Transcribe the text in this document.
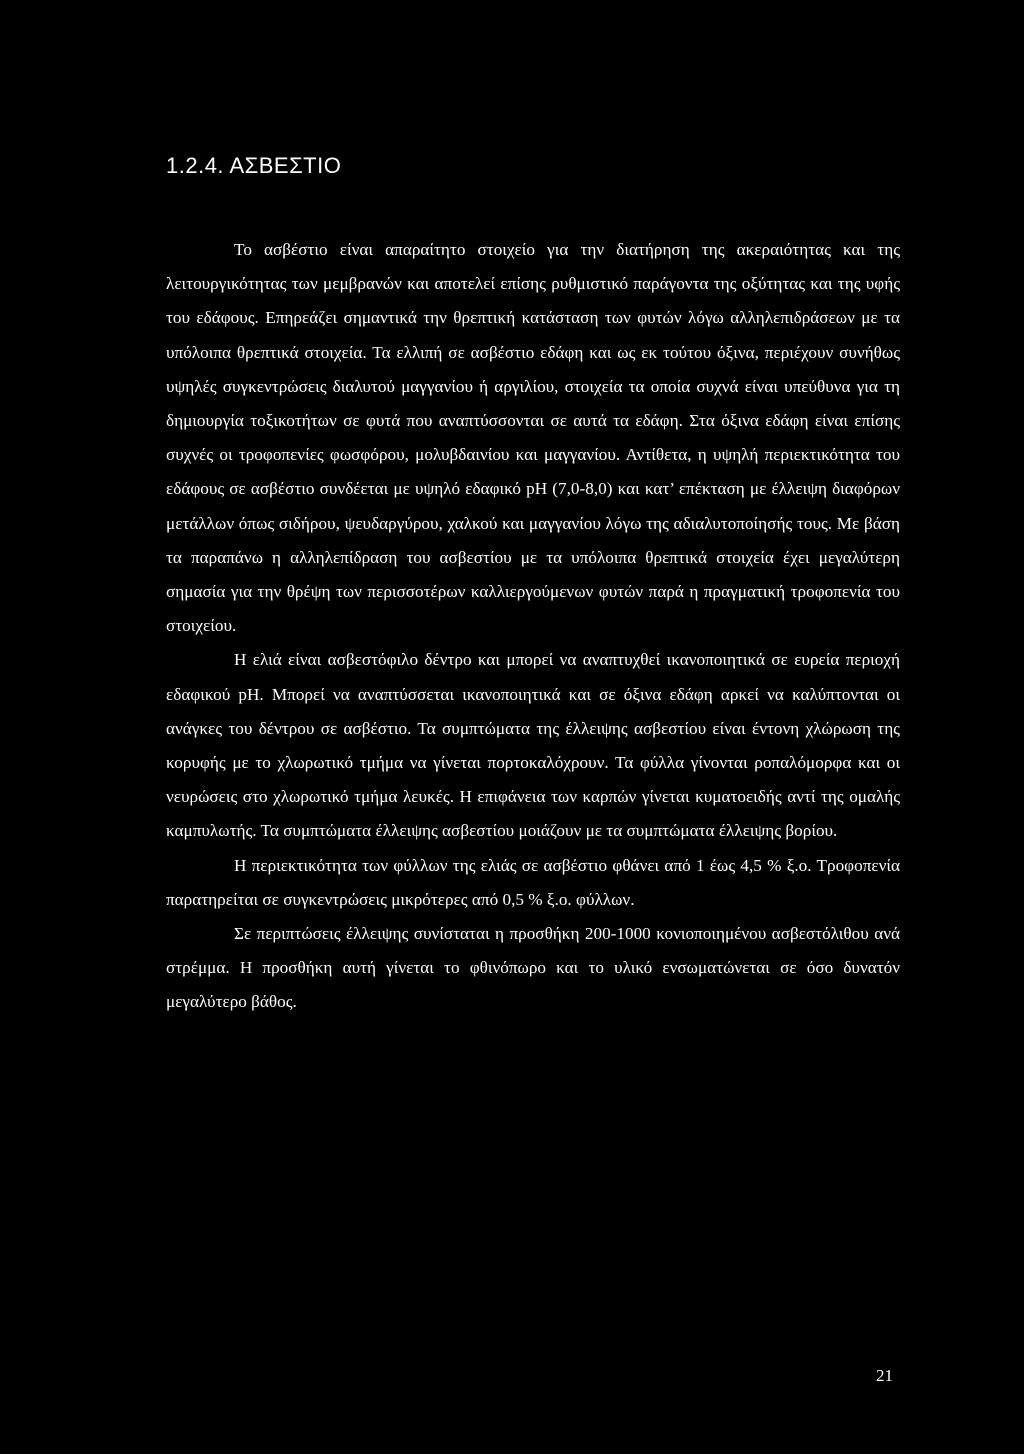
1.2.4. ΑΣΒΕΣΤΙΟ

Το ασβέστιο είναι απαραίτητο στοιχείο για την διατήρηση της ακεραιότητας και της λειτουργικότητας των μεμβρανών και αποτελεί επίσης ρυθμιστικό παράγοντα της οξύτητας και της υφής του εδάφους. Επηρεάζει σημαντικά την θρεπτική κατάσταση των φυτών λόγω αλληλεπιδράσεων με τα υπόλοιπα θρεπτικά στοιχεία. Τα ελλιπή σε ασβέστιο εδάφη και ως εκ τούτου όξινα, περιέχουν συνήθως υψηλές συγκεντρώσεις διαλυτού μαγγανίου ή αργιλίου, στοιχεία τα οποία συχνά είναι υπεύθυνα για τη δημιουργία τοξικοτήτων σε φυτά που αναπτύσσονται σε αυτά τα εδάφη. Στα όξινα εδάφη είναι επίσης συχνές οι τροφοπενίες φωσφόρου, μολυβδαινίου και μαγγανίου. Αντίθετα, η υψηλή περιεκτικότητα του εδάφους σε ασβέστιο συνδέεται με υψηλό εδαφικό pH (7,0-8,0) και κατ’ επέκταση με έλλειψη διαφόρων μετάλλων όπως σιδήρου, ψευδαργύρου, χαλκού και μαγγανίου λόγω της αδιαλυτοποίησής τους. Με βάση τα παραπάνω η αλληλεπίδραση του ασβεστίου με τα υπόλοιπα θρεπτικά στοιχεία έχει μεγαλύτερη σημασία για την θρέψη των περισσοτέρων καλλιεργούμενων φυτών παρά η πραγματική τροφοπενία του στοιχείου.

Η ελιά είναι ασβεστόφιλο δέντρο και μπορεί να αναπτυχθεί ικανοποιητικά σε ευρεία περιοχή εδαφικού pH. Μπορεί να αναπτύσσεται ικανοποιητικά και σε όξινα εδάφη αρκεί να καλύπτονται οι ανάγκες του δέντρου σε ασβέστιο. Τα συμπτώματα της έλλειψης ασβεστίου είναι έντονη χλώρωση της κορυφής με το χλωρωτικό τμήμα να γίνεται πορτοκαλόχρουν. Τα φύλλα γίνονται ροπαλόμορφα και οι νευρώσεις στο χλωρωτικό τμήμα λευκές. Η επιφάνεια των καρπών γίνεται κυματοειδής αντί της ομαλής καμπυλωτής. Τα συμπτώματα έλλειψης ασβεστίου μοιάζουν με τα συμπτώματα έλλειψης βορίου.

Η περιεκτικότητα των φύλλων της ελιάς σε ασβέστιο φθάνει από 1 έως 4,5 % ξ.ο. Τροφοπενία παρατηρείται σε συγκεντρώσεις μικρότερες από 0,5 % ξ.ο. φύλλων.

Σε περιπτώσεις έλλειψης συνίσταται η προσθήκη 200-1000 κονιοποιημένου ασβεστόλιθου ανά στρέμμα. Η προσθήκη αυτή γίνεται το φθινόπωρο και το υλικό ενσωματώνεται σε όσο δυνατόν μεγαλύτερο βάθος.

21
